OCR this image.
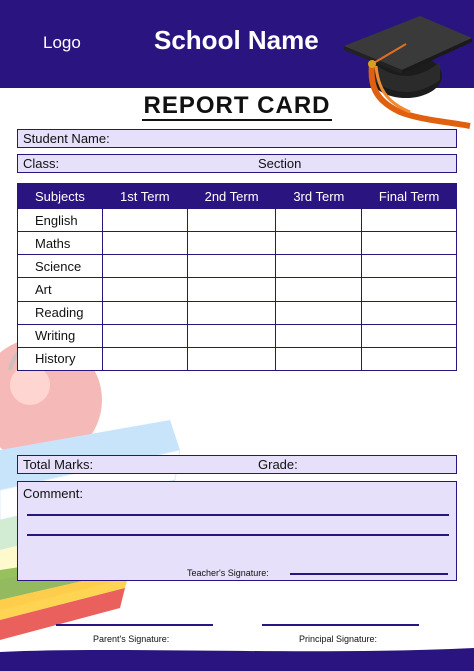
Logo	School Name
REPORT CARD
Student Name:
Class:	Section
Subjects	1st Term	2nd Term	3rd Term	Final Term
English				
Maths				
Science				
Art				
Reading				
Writing				
History				
Total Marks:	Grade:
Comment:
Teacher's Signature:
Parent's Signature:	Principal Signature:
